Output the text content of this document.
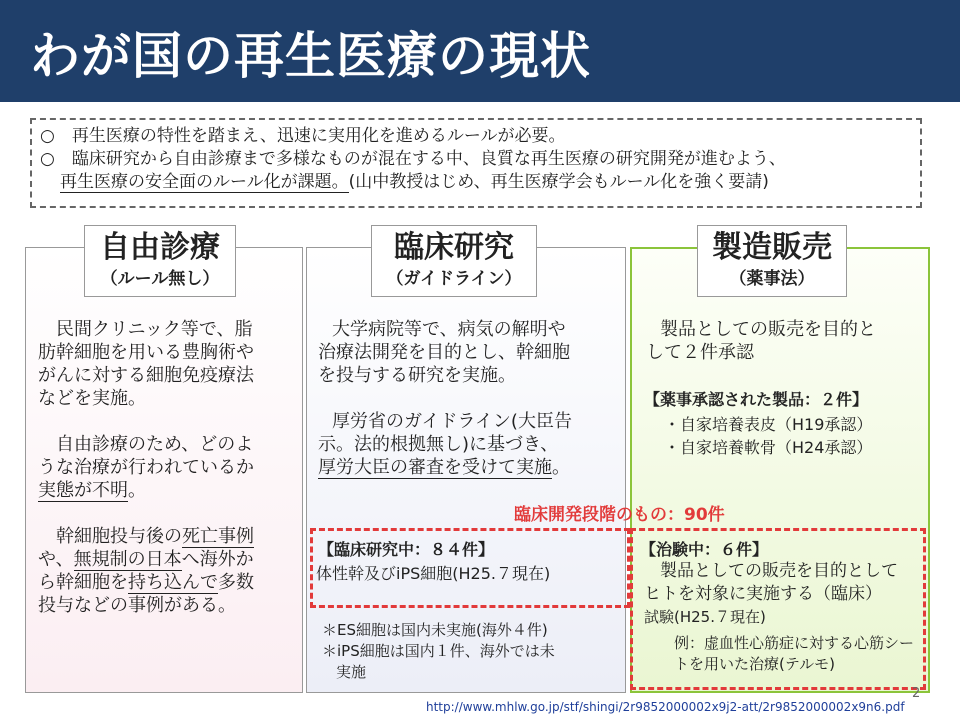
わが国の再生医療の現状
○　再生医療の特性を踏まえ、迅速に実用化を進めるルールが必要。
○　臨床研究から自由診療まで多様なものが混在する中、良質な再生医療の研究開発が進むよう、
再生医療の安全面のルール化が課題。(山中教授はじめ、再生医療学会もルール化を強く要請)
自由診療
（ルール無し）
臨床研究
（ガイドライン）
製造販売
（薬事法）
民間クリニック等で、脂
肪幹細胞を用いる豊胸術や
がんに対する細胞免疫療法
などを実施。
自由診療のため、どのよ
うな治療が行われているか
実態が不明。
幹細胞投与後の死亡事例
や、無規制の日本へ海外か
ら幹細胞を持ち込んで多数
投与などの事例がある。
大学病院等で、病気の解明や
治療法開発を目的とし、幹細胞
を投与する研究を実施。
厚労省のガイドライン(大臣告
示。法的根拠無し)に基づき、
厚労大臣の審査を受けて実施。
製品としての販売を目的と
して２件承認
【薬事承認された製品：２件】
・自家培養表皮（H19承認）
・自家培養軟骨（H24承認）
臨床開発段階のもの：90件
【臨床研究中：８４件】
体性幹及びiPS細胞(H25.７現在)
＊ES細胞は国内未実施(海外４件)
＊iPS細胞は国内１件、海外では未
実施
【治験中：６件】
製品としての販売を目的として
ヒトを対象に実施する（臨床）
試験(H25.７現在)
例：虚血性心筋症に対する心筋シー
トを用いた治療(テルモ)
2
http://www.mhlw.go.jp/stf/shingi/2r9852000002x9j2-att/2r9852000002x9n6.pdf
